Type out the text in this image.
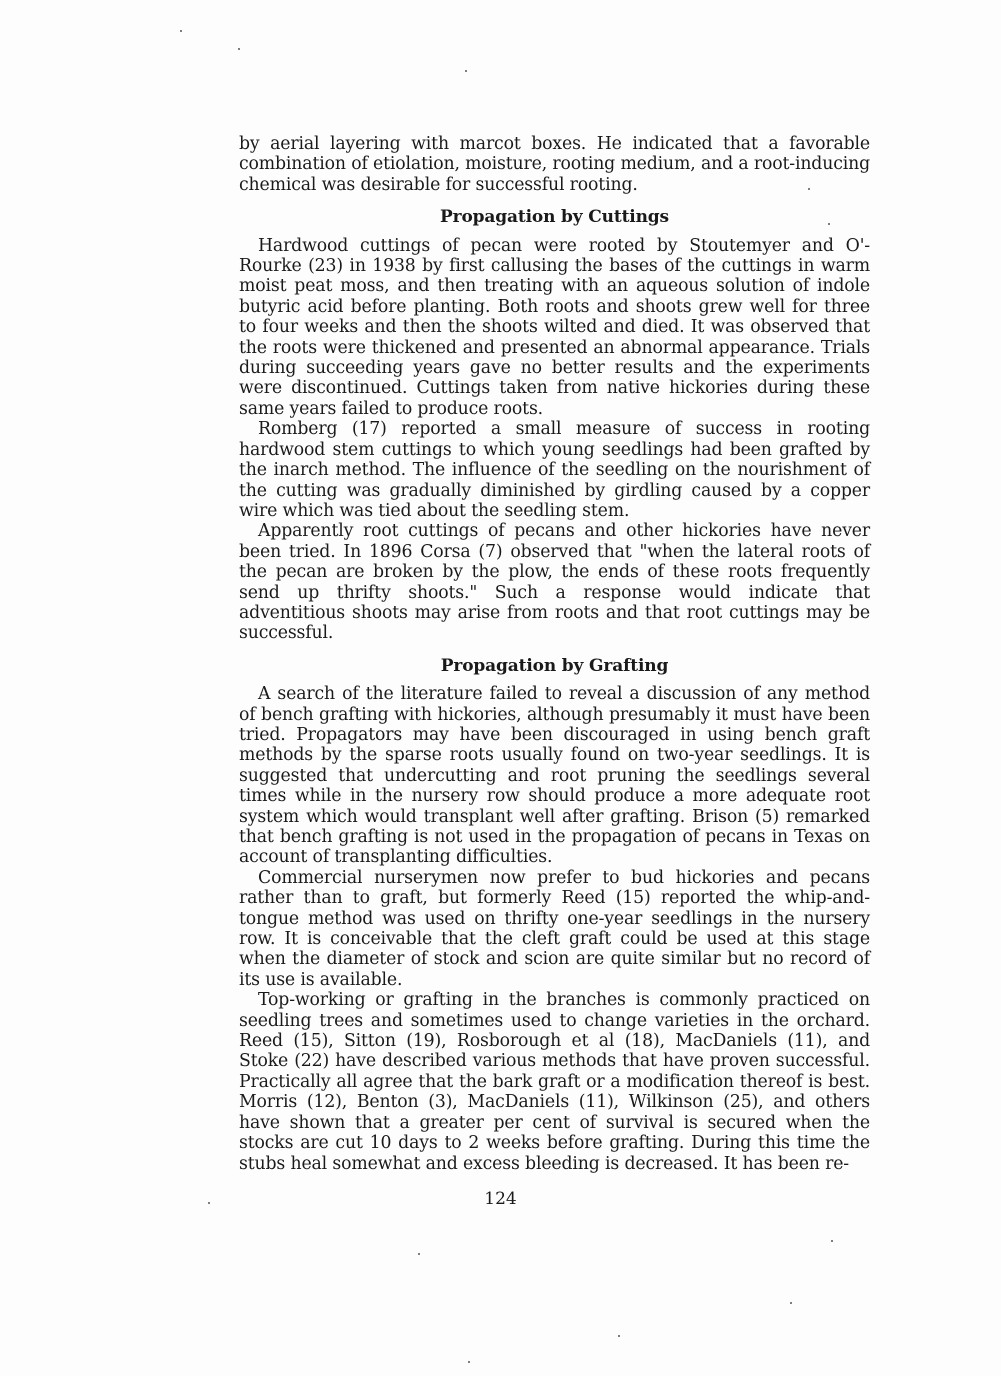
by aerial layering with marcot boxes. He indicated that a favorable combination of etiolation, moisture, rooting medium, and a root-inducing chemical was desirable for successful rooting.

Propagation by Cuttings

Hardwood cuttings of pecan were rooted by Stoutemyer and O'-Rourke (23) in 1938 by first callusing the bases of the cuttings in warm moist peat moss, and then treating with an aqueous solution of indole butyric acid before planting. Both roots and shoots grew well for three to four weeks and then the shoots wilted and died. It was observed that the roots were thickened and presented an abnormal appearance. Trials during succeeding years gave no better results and the experiments were discontinued. Cuttings taken from native hickories during these same years failed to produce roots.

Romberg (17) reported a small measure of success in rooting hardwood stem cuttings to which young seedlings had been grafted by the inarch method. The influence of the seedling on the nourishment of the cutting was gradually diminished by girdling caused by a copper wire which was tied about the seedling stem.

Apparently root cuttings of pecans and other hickories have never been tried. In 1896 Corsa (7) observed that "when the lateral roots of the pecan are broken by the plow, the ends of these roots frequently send up thrifty shoots." Such a response would indicate that adventitious shoots may arise from roots and that root cuttings may be successful.

Propagation by Grafting

A search of the literature failed to reveal a discussion of any method of bench grafting with hickories, although presumably it must have been tried. Propagators may have been discouraged in using bench graft methods by the sparse roots usually found on two-year seedlings. It is suggested that undercutting and root pruning the seedlings several times while in the nursery row should produce a more adequate root system which would transplant well after grafting. Brison (5) remarked that bench grafting is not used in the propagation of pecans in Texas on account of transplanting difficulties.

Commercial nurserymen now prefer to bud hickories and pecans rather than to graft, but formerly Reed (15) reported the whip-and-tongue method was used on thrifty one-year seedlings in the nursery row. It is conceivable that the cleft graft could be used at this stage when the diameter of stock and scion are quite similar but no record of its use is available.

Top-working or grafting in the branches is commonly practiced on seedling trees and sometimes used to change varieties in the orchard. Reed (15), Sitton (19), Rosborough et al (18), MacDaniels (11), and Stoke (22) have described various methods that have proven successful. Practically all agree that the bark graft or a modification thereof is best. Morris (12), Benton (3), MacDaniels (11), Wilkinson (25), and others have shown that a greater per cent of survival is secured when the stocks are cut 10 days to 2 weeks before grafting. During this time the stubs heal somewhat and excess bleeding is decreased. It has been re-

124
